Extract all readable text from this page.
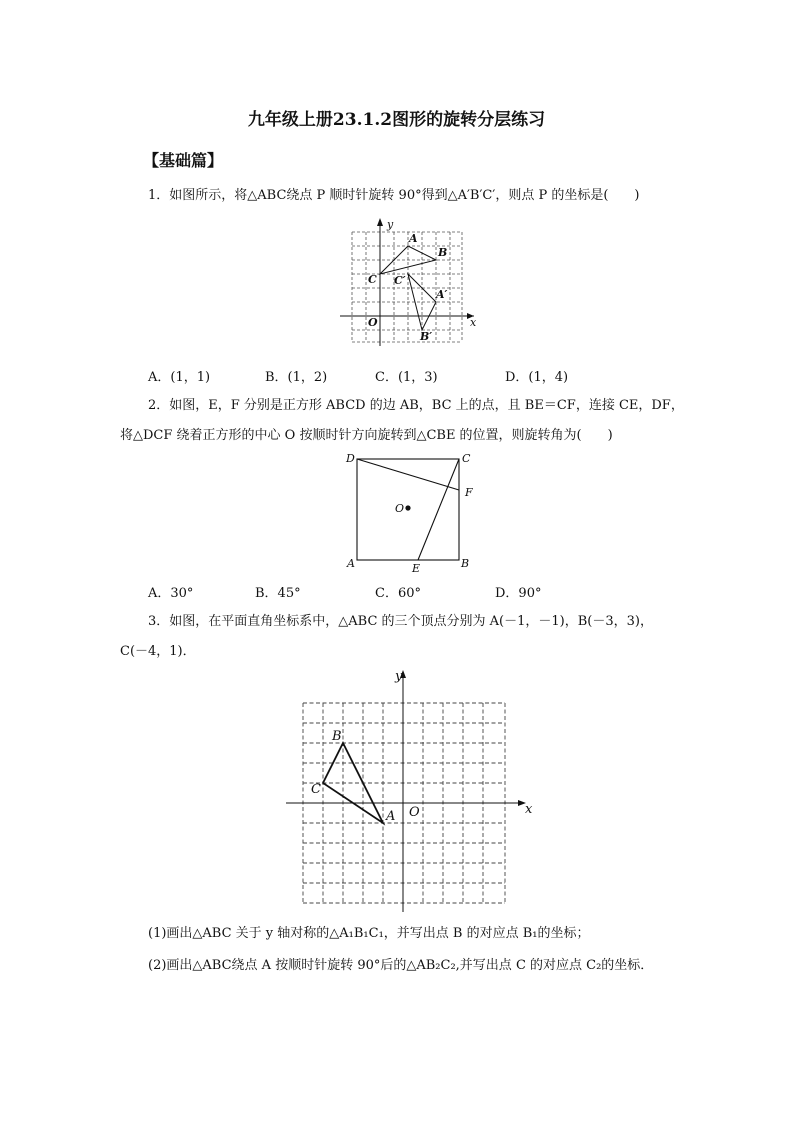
九年级上册23.1.2图形的旋转分层练习
【基础篇】
1．如图所示，将△ABC绕点 P 顺时针旋转 90°得到△A′B′C′，则点 P 的坐标是(　　)
y
x
O
A
B
C C′
A′
B′
A．(1，1)	B．(1，2)	C．(1，3)	D．(1，4)
2．如图，E，F 分别是正方形 ABCD 的边 AB，BC 上的点，且 BE＝CF，连接 CE，DF，
将△DCF 绕着正方形的中心 O 按顺时针方向旋转到△CBE 的位置，则旋转角为(　　)
D	C
F
O
A	B
E
A．30°	B．45°	C．60°	D．90°
3．如图，在平面直角坐标系中，△ABC 的三个顶点分别为 A(－1，－1)，B(－3，3)，
C(－4，1)．
y
x
O
A
B
C
(1)画出△ABC 关于 y 轴对称的△A₁B₁C₁，并写出点 B 的对应点 B₁的坐标；
(2)画出△ABC绕点 A 按顺时针旋转 90°后的△AB₂C₂,并写出点 C 的对应点 C₂的坐标．
